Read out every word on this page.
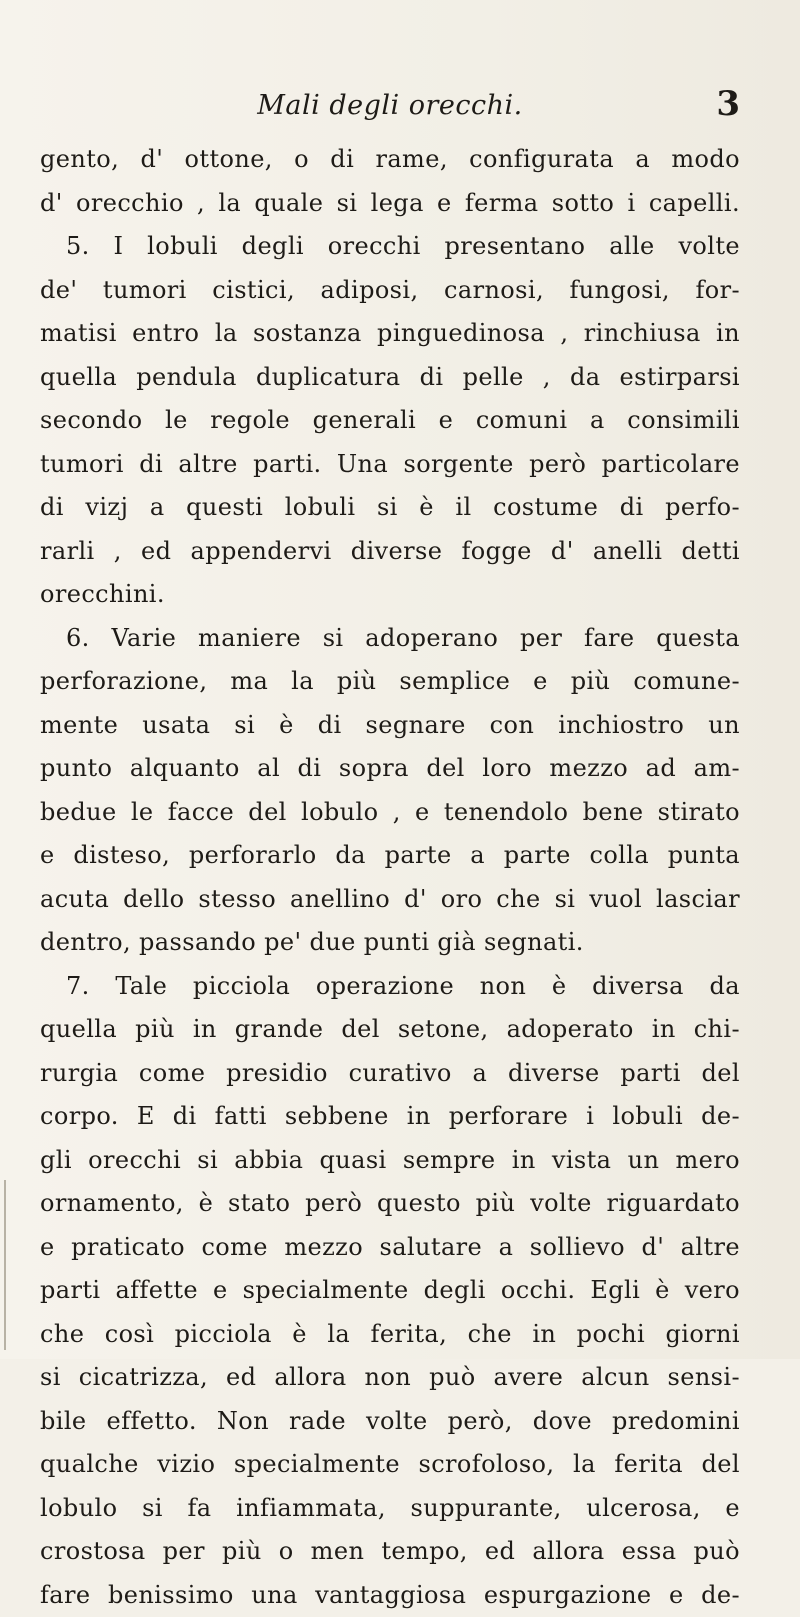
Mali degli orecchi.	3
gento, d' ottone, o di rame, configurata a modo
d' orecchio , la quale si lega e ferma sotto i capelli.
5. I lobuli degli orecchi presentano alle volte
de' tumori cistici, adiposi, carnosi, fungosi, for-
matisi entro la sostanza pinguedinosa , rinchiusa in
quella pendula duplicatura di pelle , da estirparsi
secondo le regole generali e comuni a consimili
tumori di altre parti. Una sorgente però particolare
di vizj a questi lobuli si è il costume di perfo-
rarli , ed appendervi diverse fogge d' anelli detti
orecchini.
6. Varie maniere si adoperano per fare questa
perforazione, ma la più semplice e più comune-
mente usata si è di segnare con inchiostro un
punto alquanto al di sopra del loro mezzo ad am-
bedue le facce del lobulo , e tenendolo bene stirato
e disteso, perforarlo da parte a parte colla punta
acuta dello stesso anellino d' oro che si vuol lasciar
dentro, passando pe' due punti già segnati.
7. Tale picciola operazione non è diversa da
quella più in grande del setone, adoperato in chi-
rurgia come presidio curativo a diverse parti del
corpo. E di fatti sebbene in perforare i lobuli de-
gli orecchi si abbia quasi sempre in vista un mero
ornamento, è stato però questo più volte riguardato
e praticato come mezzo salutare a sollievo d' altre
parti affette e specialmente degli occhi. Egli è vero
che così picciola è la ferita, che in pochi giorni
si cicatrizza, ed allora non può avere alcun sensi-
bile effetto. Non rade volte però, dove predomini
qualche vizio specialmente scrofoloso, la ferita del
lobulo si fa infiammata, suppurante, ulcerosa, e
crostosa per più o men tempo, ed allora essa può
fare benissimo una vantaggiosa espurgazione e de-
